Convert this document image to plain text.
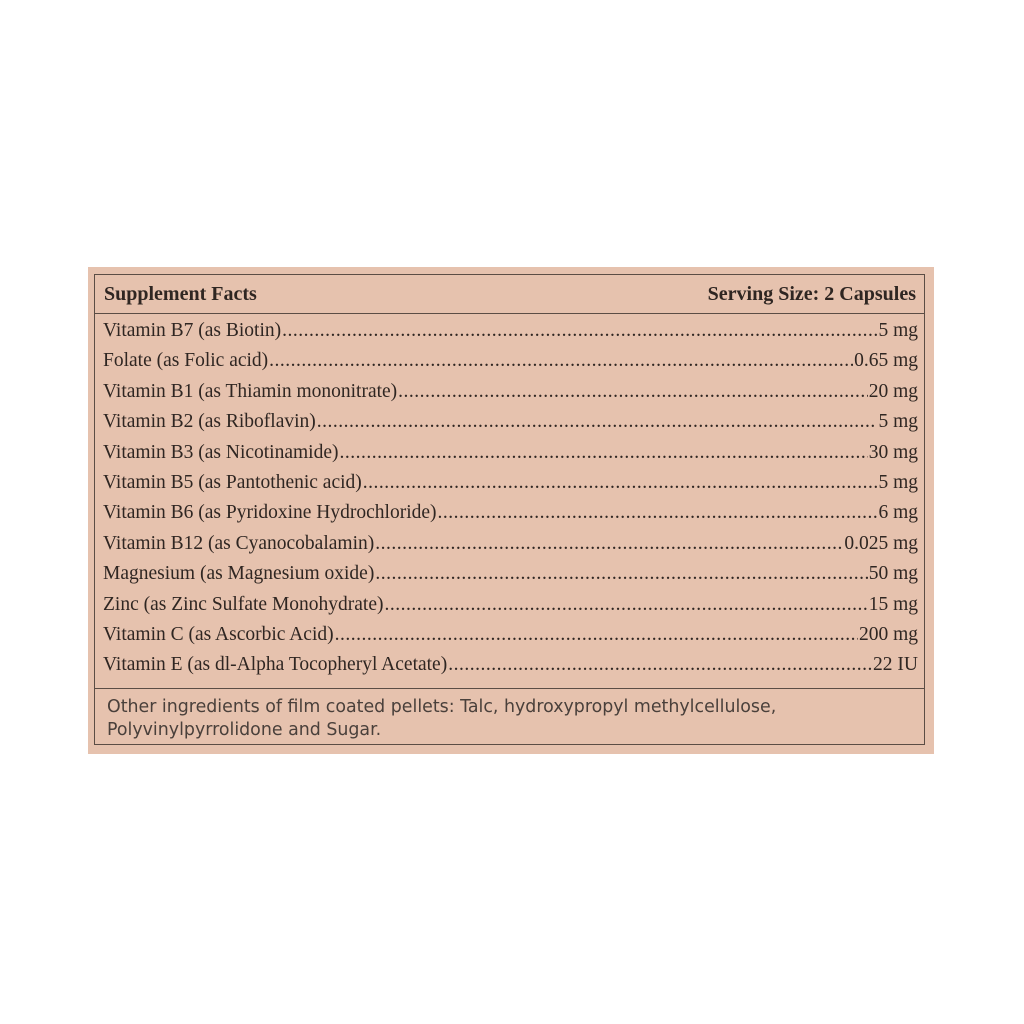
Supplement Facts	Serving Size: 2 Capsules
Vitamin B7 (as Biotin) .....	5 mg
Folate (as Folic acid) .....	0.65 mg
Vitamin B1 (as Thiamin mononitrate) .....	20 mg
Vitamin B2 (as Riboflavin) .....	5 mg
Vitamin B3 (as Nicotinamide) .....	30 mg
Vitamin B5 (as Pantothenic acid) .....	5 mg
Vitamin B6 (as Pyridoxine Hydrochloride) .....	6 mg
Vitamin B12 (as Cyanocobalamin) .....	0.025 mg
Magnesium (as Magnesium oxide) .....	50 mg
Zinc (as Zinc Sulfate Monohydrate) .....	15 mg
Vitamin C (as Ascorbic Acid) .....	200 mg
Vitamin E (as dl-Alpha Tocopheryl Acetate) .....	22 IU
Other ingredients of film coated pellets: Talc, hydroxypropyl methylcellulose, Polyvinylpyrrolidone and Sugar.
